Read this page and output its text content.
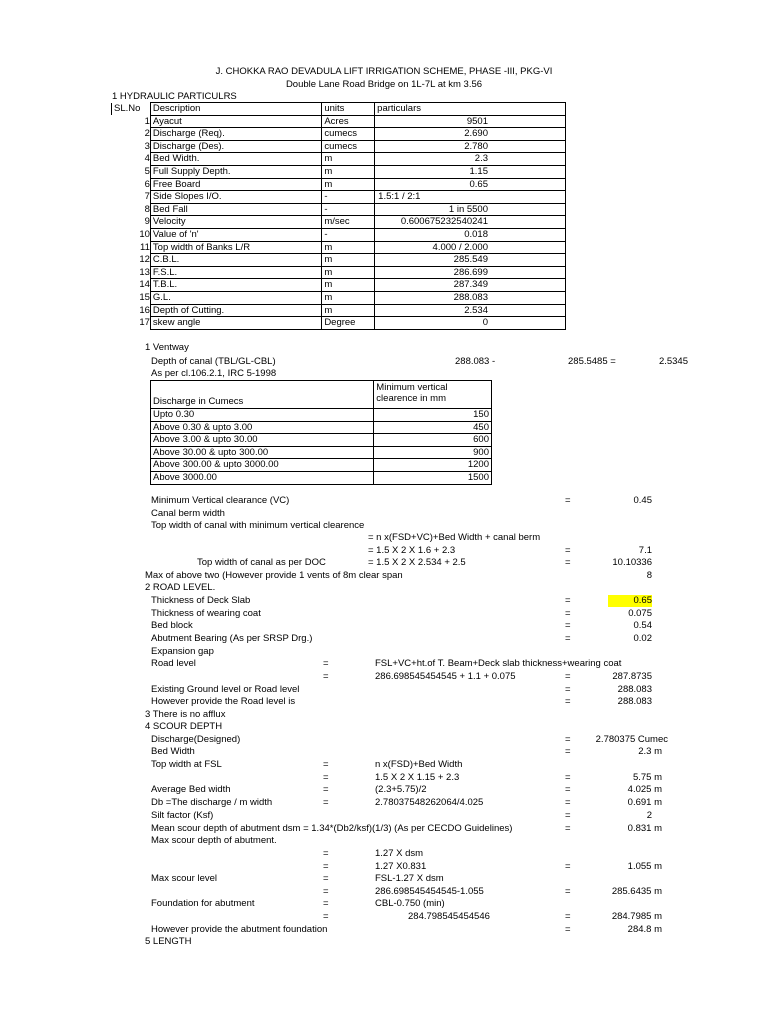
J. CHOKKA RAO DEVADULA LIFT IRRIGATION SCHEME, PHASE -III, PKG-VI
Double Lane Road Bridge on 1L-7L at km 3.56
1 HYDRAULIC PARTICULRS
SL.No	Description	units	particulars
1	Ayacut	Acres	9501
2	Discharge (Req).	cumecs	2.690
3	Discharge (Des).	cumecs	2.780
4	Bed Width.	m	2.3
5	Full Supply Depth.	m	1.15
6	Free Board	m	0.65
7	Side Slopes I/O.	-	1.5:1 / 2:1
8	Bed Fall	-	1 in 5500
9	Velocity	m/sec	0.600675232540241
10	Value of 'n'	-	0.018
11	Top width of Banks L/R	m	4.000 / 2.000
12	C.B.L.	m	285.549
13	F.S.L.	m	286.699
14	T.B.L.	m	287.349
15	G.L.	m	288.083
16	Depth of Cutting.	m	2.534
17	skew angle	Degree	0
1 Ventway
Depth of canal (TBL/GL-CBL)	288.083 -	285.5485 =	2.5345
As per cl.106.2.1, IRC 5-1998
Discharge in Cumecs	Minimum vertical
clearence in mm

Upto 0.30	150
Above 0.30 & upto 3.00	450
Above 3.00 & upto 30.00	600
Above 30.00 & upto 300.00	900
Above 300.00 & upto 3000.00	1200
Above 3000.00	1500
Minimum Vertical clearance (VC)	=	0.45
Canal berm width
Top width of canal with minimum vertical clearence
= n x(FSD+VC)+Bed Width + canal berm
= 1.5 X 2 X 1.6 + 2.3	=	7.1
Top width of canal as per DOC	= 1.5 X 2 X 2.534 + 2.5	=	10.10336
Max of above two (However provide 1 vents of 8m clear span	8
2 ROAD LEVEL.
Thickness of Deck Slab	=	0.65
Thickness of wearing coat	=	0.075
Bed block	=	0.54
Abutment Bearing (As per SRSP Drg.)	=	0.02
Expansion gap
Road level	=	FSL+VC+ht.of T. Beam+Deck slab thickness+wearing coat
=	286.698545454545 + 1.1 + 0.075	=	287.8735
Existing Ground level or Road level	=	288.083
However provide the Road level is	=	288.083
3 There is no afflux
4 SCOUR DEPTH
Discharge(Designed)	=	2.780375 Cumec
Bed Width	=	2.3 m
Top width at FSL	=	n x(FSD)+Bed Width
=	1.5 X 2 X 1.15 + 2.3	=	5.75 m
Average Bed width	=	(2.3+5.75)/2	=	4.025 m
Db =The discharge / m width	=	2.78037548262064/4.025	=	0.691 m
Silt factor (Ksf)	=	2
Mean scour depth of abutment dsm = 1.34*(Db2/ksf)(1/3) (As per CECDO Guidelines)	=	0.831 m
Max scour depth of abutment.
=	1.27 X dsm
=	1.27 X0.831	=	1.055 m
Max scour level	=	FSL-1.27 X dsm
=	286.698545454545-1.055	=	285.6435 m
Foundation for abutment	=	CBL-0.750 (min)
=	284.798545454546	=	284.7985 m
However provide the abutment foundation	=	284.8 m
5 LENGTH
